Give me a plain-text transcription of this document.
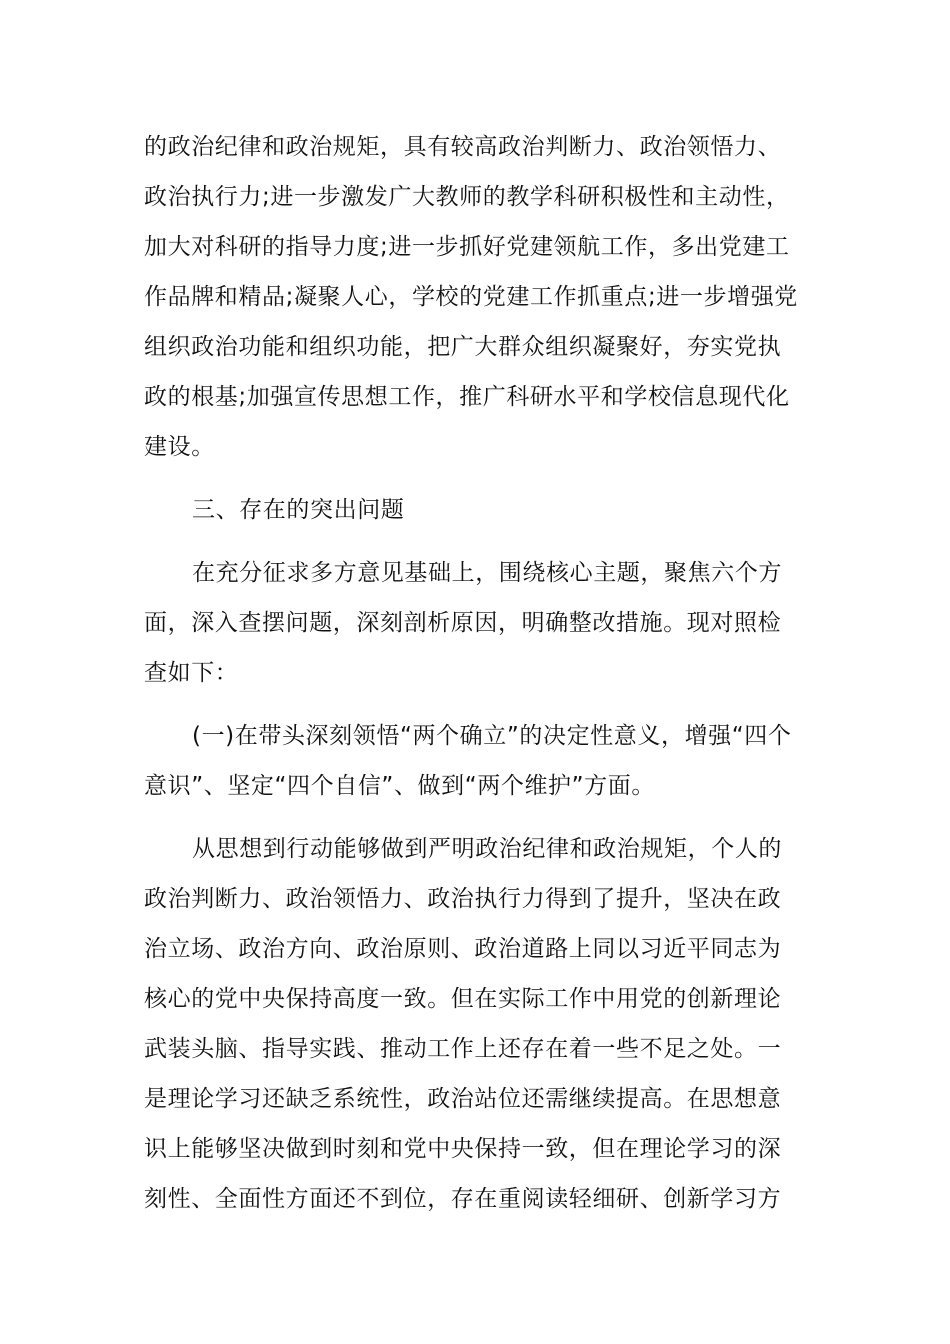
的政治纪律和政治规矩，具有较高政治判断力、政治领悟力、
政治执行力;进一步激发广大教师的教学科研积极性和主动性，
加大对科研的指导力度;进一步抓好党建领航工作，多出党建工
作品牌和精品;凝聚人心，学校的党建工作抓重点;进一步增强党
组织政治功能和组织功能，把广大群众组织凝聚好，夯实党执
政的根基;加强宣传思想工作，推广科研水平和学校信息现代化
建设。
三、存在的突出问题
在充分征求多方意见基础上，围绕核心主题，聚焦六个方
面，深入查摆问题，深刻剖析原因，明确整改措施。现对照检
查如下：
(一)在带头深刻领悟“两个确立”的决定性意义，增强“四个
意识”、坚定“四个自信”、做到“两个维护”方面。
从思想到行动能够做到严明政治纪律和政治规矩，个人的
政治判断力、政治领悟力、政治执行力得到了提升，坚决在政
治立场、政治方向、政治原则、政治道路上同以习近平同志为
核心的党中央保持高度一致。但在实际工作中用党的创新理论
武装头脑、指导实践、推动工作上还存在着一些不足之处。一
是理论学习还缺乏系统性，政治站位还需继续提高。在思想意
识上能够坚决做到时刻和党中央保持一致，但在理论学习的深
刻性、全面性方面还不到位，存在重阅读轻细研、创新学习方
